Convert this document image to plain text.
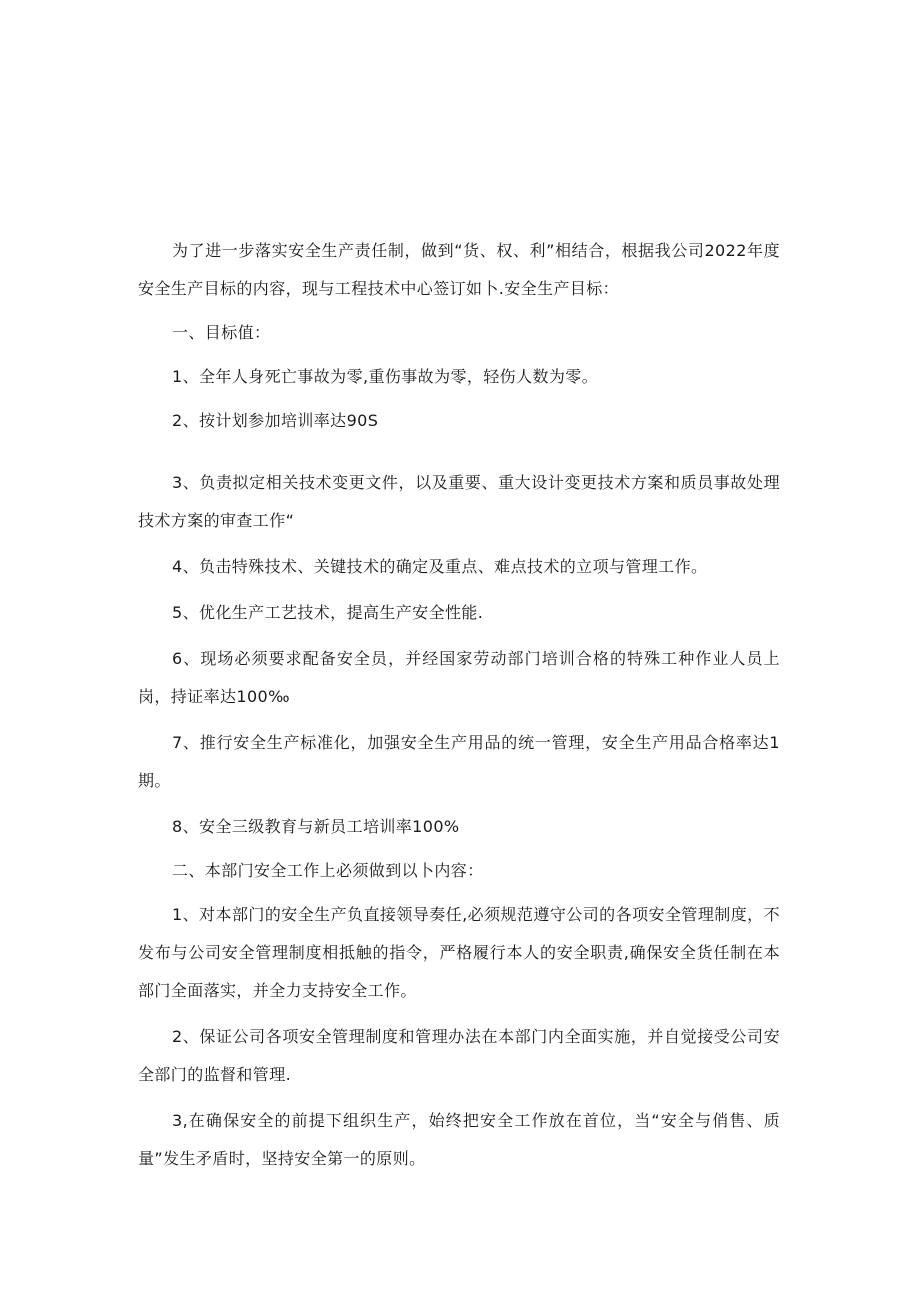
为了进一步落实安全生产责任制，做到“货、权、利”相结合，根据我公司2022年度安全生产目标的内容，现与工程技术中心签订如卜.安全生产目标：

一、目标值：

1、全年人身死亡事故为零,重伤事故为零，轻伤人数为零。

2、按计划参加培训率达90S

3、负责拟定相关技术变更文件，以及重要、重大设计变更技术方案和质员事故处理技术方案的审查工作“

4、负击特殊技术、关键技术的确定及重点、难点技术的立项与管理工作。

5、优化生产工艺技术，提高生产安全性能.

6、现场必须要求配备安全员，并经国家劳动部门培训合格的特殊工种作业人员上岗，持证率达100‰

7、推行安全生产标准化，加强安全生产用品的统一管理，安全生产用品合格率达1期。

8、安全三级教育与新员工培训率100%

二、本部门安全工作上必须做到以卜内容：

1、对本部门的安全生产负直接领导奏任,必须规范遵守公司的各项安全管理制度，不发布与公司安全管理制度相抵触的指令，严格履行本人的安全职责,确保安全货任制在本部门全面落实，并全力支持安全工作。

2、保证公司各项安全管理制度和管理办法在本部门内全面实施，并自觉接受公司安全部门的监督和管理.

3,在确保安全的前提下组织生产，始终把安全工作放在首位，当“安全与俏售、质量”发生矛盾时，坚持安全第一的原则。
